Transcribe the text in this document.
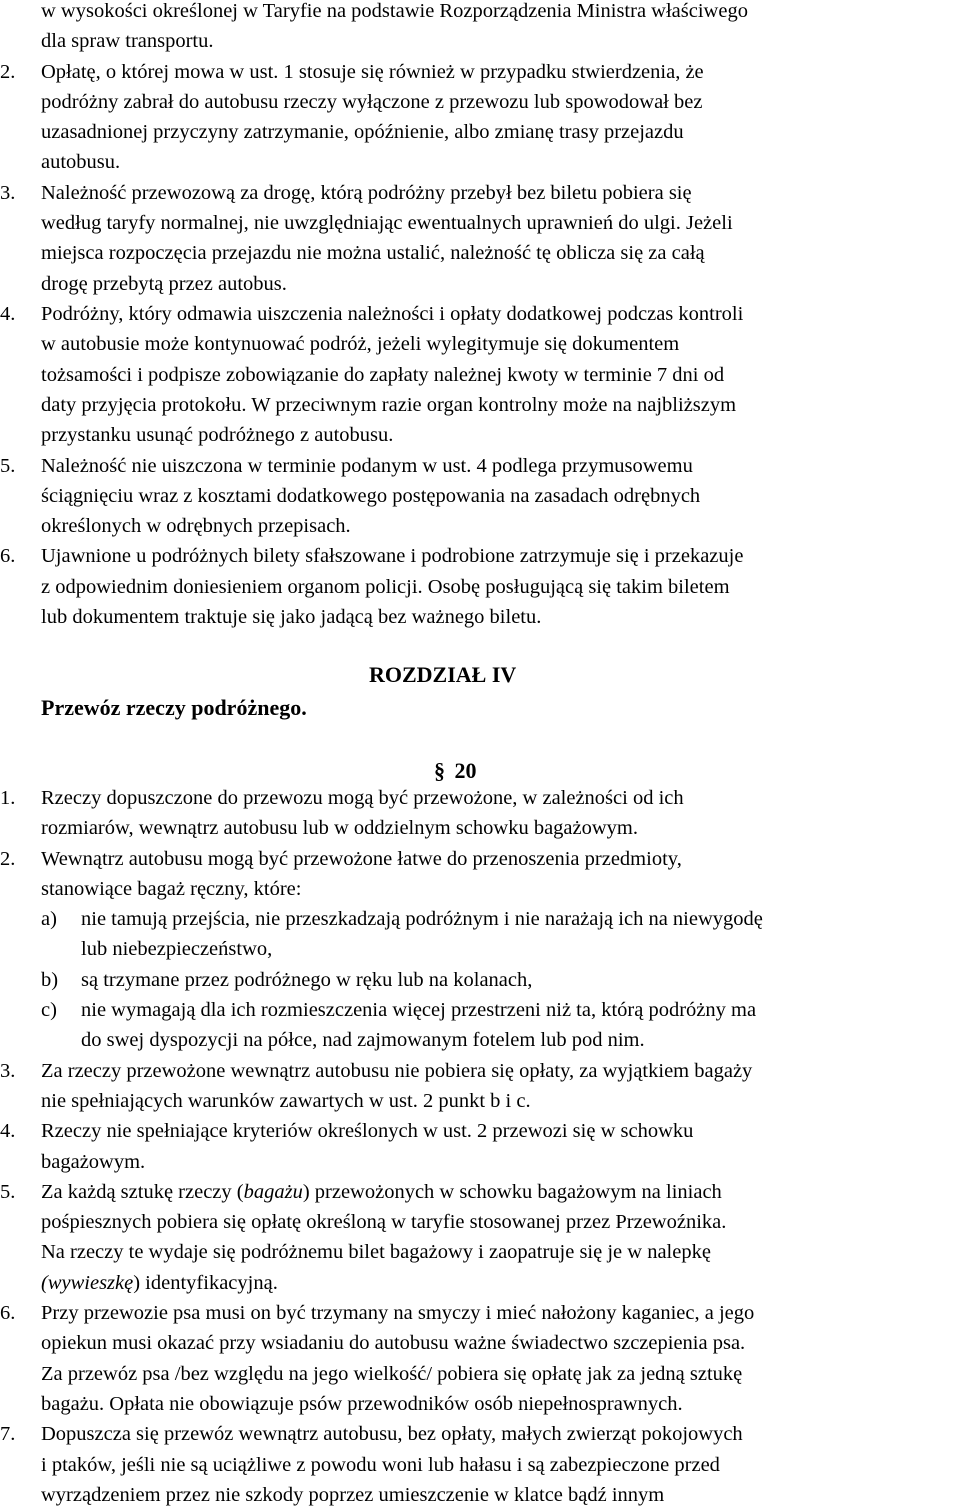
w wysokości określonej w Taryfie na podstawie Rozporządzenia Ministra właściwego
dla spraw transportu.
2.	Opłatę, o której mowa w ust. 1 stosuje się również w przypadku stwierdzenia, że
podróżny zabrał do autobusu rzeczy wyłączone z przewozu lub spowodował bez
uzasadnionej przyczyny zatrzymanie, opóźnienie, albo zmianę trasy przejazdu
autobusu.
3.	Należność przewozową za drogę, którą podróżny przebył bez biletu pobiera się
według taryfy normalnej, nie uwzględniając ewentualnych uprawnień do ulgi. Jeżeli
miejsca rozpoczęcia przejazdu nie można ustalić, należność tę oblicza się za całą
drogę przebytą przez autobus.
4.	Podróżny, który odmawia uiszczenia należności i opłaty dodatkowej podczas kontroli
w autobusie może kontynuować podróż, jeżeli wylegitymuje się dokumentem
tożsamości i podpisze zobowiązanie do zapłaty należnej kwoty w terminie 7 dni od
daty przyjęcia protokołu. W przeciwnym razie organ kontrolny może na najbliższym
przystanku usunąć podróżnego z autobusu.
5.	Należność nie uiszczona w terminie podanym w ust. 4 podlega przymusowemu
ściągnięciu wraz z kosztami dodatkowego postępowania na zasadach odrębnych
określonych w odrębnych przepisach.
6.	Ujawnione u podróżnych bilety sfałszowane i podrobione zatrzymuje się i przekazuje
z odpowiednim doniesieniem organom policji. Osobę posługującą się takim biletem
lub dokumentem traktuje się jako jadącą bez ważnego biletu.
ROZDZIAŁ IV
Przewóz rzeczy podróżnego.
§ 20
1.	Rzeczy dopuszczone do przewozu mogą być przewożone, w zależności od ich
rozmiarów, wewnątrz autobusu lub w oddzielnym schowku bagażowym.
2.	Wewnątrz autobusu mogą być przewożone łatwe do przenoszenia przedmioty,
stanowiące bagaż ręczny, które:
a) nie tamują przejścia, nie przeszkadzają podróżnym i nie narażają ich na niewygodę
lub niebezpieczeństwo,
b) są trzymane przez podróżnego w ręku lub na kolanach,
c) nie wymagają dla ich rozmieszczenia więcej przestrzeni niż ta, którą podróżny ma
do swej dyspozycji na półce, nad zajmowanym fotelem lub pod nim.
3.	Za rzeczy przewożone wewnątrz autobusu nie pobiera się opłaty, za wyjątkiem bagaży
nie spełniających warunków zawartych w ust. 2 punkt b i c.
4.	Rzeczy nie spełniające kryteriów określonych w ust. 2 przewozi się w schowku
bagażowym.
5.	Za każdą sztukę rzeczy (bagażu) przewożonych w schowku bagażowym na liniach
pośpiesznych pobiera się opłatę określoną w taryfie stosowanej przez Przewoźnika.
Na rzeczy te wydaje się podróżnemu bilet bagażowy i zaopatruje się je w nalepkę
(wywieszkę) identyfikacyjną.
6.	Przy przewozie psa musi on być trzymany na smyczy i mieć nałożony kaganiec, a jego
opiekun musi okazać przy wsiadaniu do autobusu ważne świadectwo szczepienia psa.
Za przewóz psa /bez względu na jego wielkość/ pobiera się opłatę jak za jedną sztukę
bagażu. Opłata nie obowiązuje psów przewodników osób niepełnosprawnych.
7.	Dopuszcza się przewóz wewnątrz autobusu, bez opłaty, małych zwierząt pokojowych
i ptaków, jeśli nie są uciążliwe z powodu woni lub hałasu i są zabezpieczone przed
wyrządzeniem przez nie szkody poprzez umieszczenie w klatce bądź innym
